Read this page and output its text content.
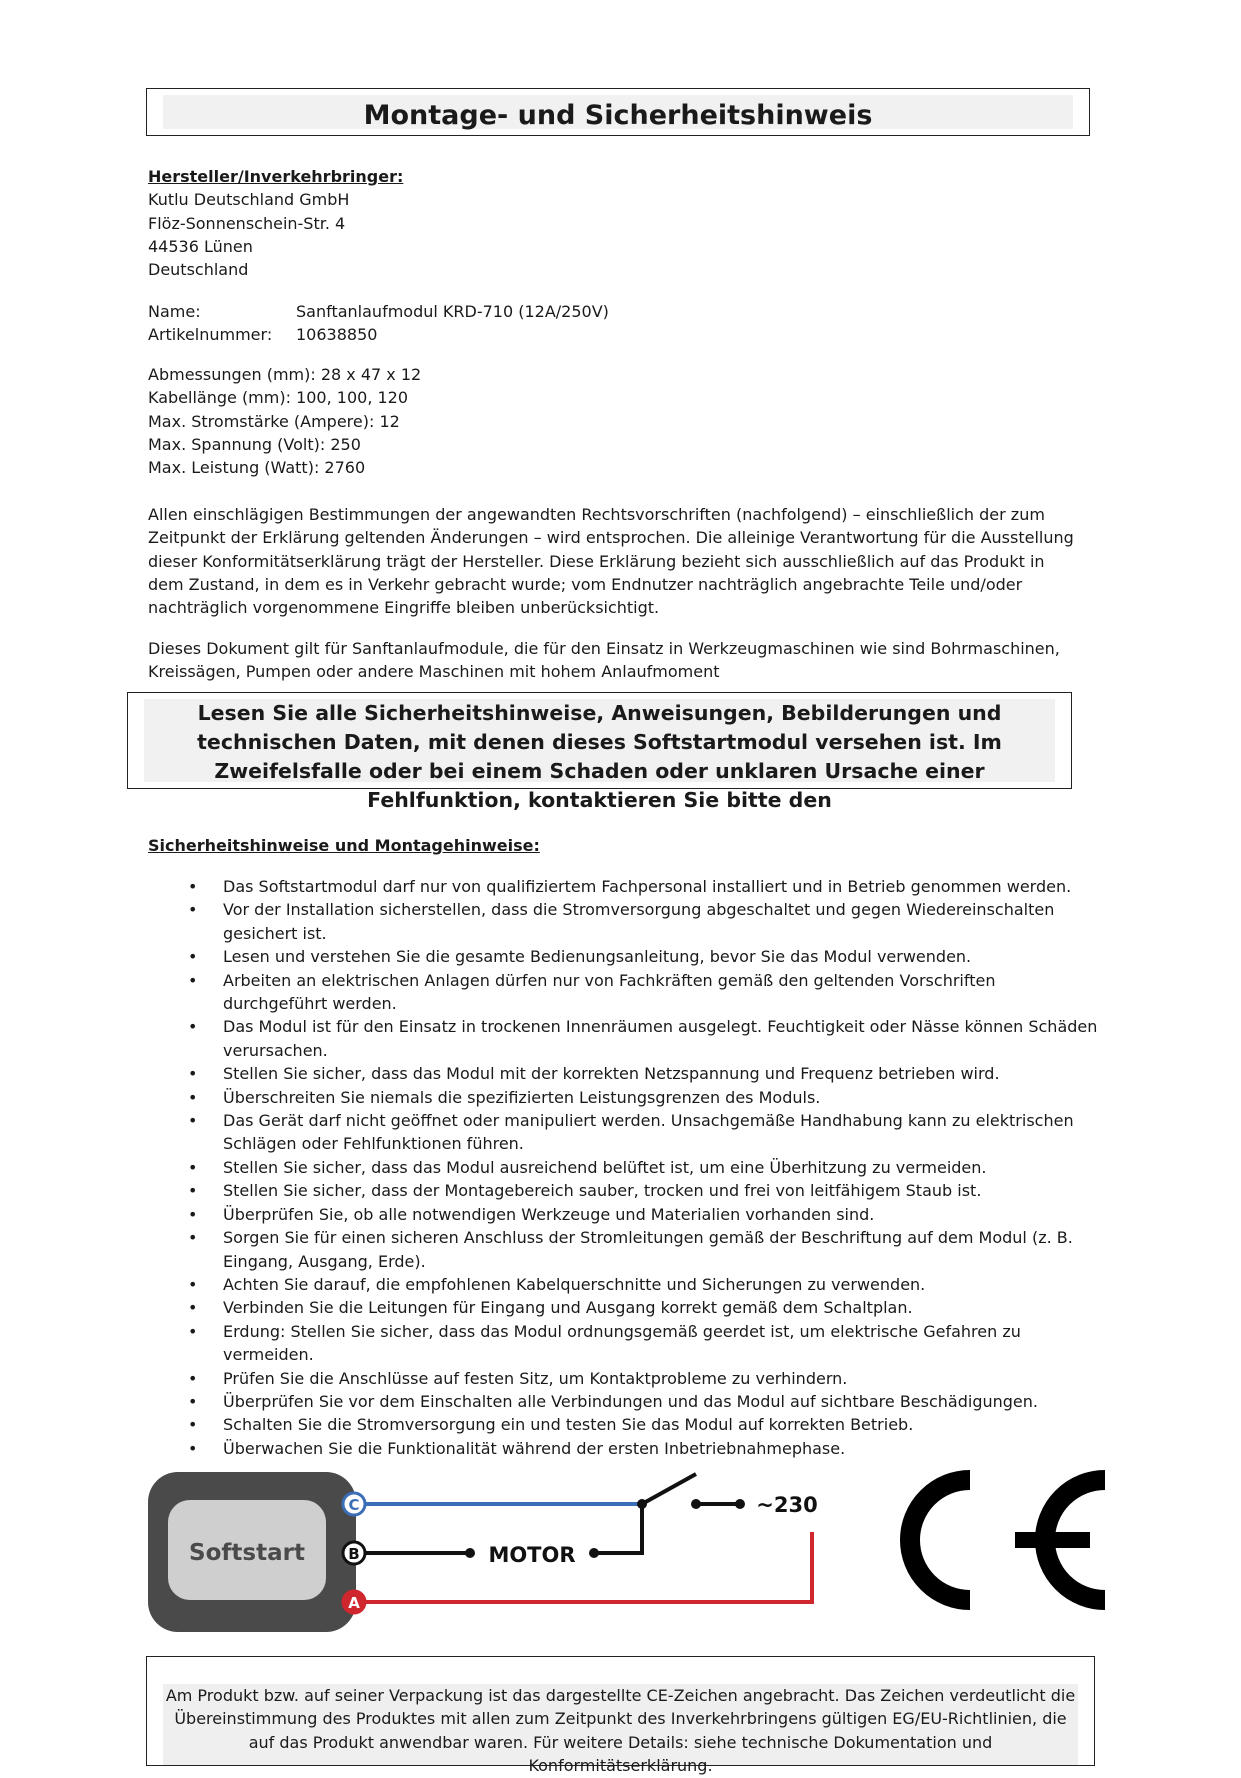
Montage- und Sicherheitshinweis
Hersteller/Inverkehrbringer:
Kutlu Deutschland GmbH
Flöz-Sonnenschein-Str. 4
44536 Lünen
Deutschland
Name:	Sanftanlaufmodul KRD-710 (12A/250V)
Artikelnummer:	10638850
Abmessungen (mm): 28 x 47 x 12
Kabellänge (mm): 100, 100, 120
Max. Stromstärke (Ampere): 12
Max. Spannung (Volt): 250
Max. Leistung (Watt): 2760
Allen einschlägigen Bestimmungen der angewandten Rechtsvorschriften (nachfolgend) – einschließlich der zum Zeitpunkt der Erklärung geltenden Änderungen – wird entsprochen. Die alleinige Verantwortung für die Ausstellung dieser Konformitätserklärung trägt der Hersteller. Diese Erklärung bezieht sich ausschließlich auf das Produkt in dem Zustand, in dem es in Verkehr gebracht wurde; vom Endnutzer nachträglich angebrachte Teile und/oder nachträglich vorgenommene Eingriffe bleiben unberücksichtigt.
Dieses Dokument gilt für Sanftanlaufmodule, die für den Einsatz in Werkzeugmaschinen wie sind Bohrmaschinen, Kreissägen, Pumpen oder andere Maschinen mit hohem Anlaufmoment
Lesen Sie alle Sicherheitshinweise, Anweisungen, Bebilderungen und technischen Daten, mit denen dieses Softstartmodul versehen ist. Im Zweifelsfalle oder bei einem Schaden oder unklaren Ursache einer Fehlfunktion, kontaktieren Sie bitte den
Sicherheitshinweise und Montagehinweise:
• Das Softstartmodul darf nur von qualifiziertem Fachpersonal installiert und in Betrieb genommen werden.
• Vor der Installation sicherstellen, dass die Stromversorgung abgeschaltet und gegen Wiedereinschalten gesichert ist.
• Lesen und verstehen Sie die gesamte Bedienungsanleitung, bevor Sie das Modul verwenden.
• Arbeiten an elektrischen Anlagen dürfen nur von Fachkräften gemäß den geltenden Vorschriften durchgeführt werden.
• Das Modul ist für den Einsatz in trockenen Innenräumen ausgelegt. Feuchtigkeit oder Nässe können Schäden verursachen.
• Stellen Sie sicher, dass das Modul mit der korrekten Netzspannung und Frequenz betrieben wird.
• Überschreiten Sie niemals die spezifizierten Leistungsgrenzen des Moduls.
• Das Gerät darf nicht geöffnet oder manipuliert werden. Unsachgemäße Handhabung kann zu elektrischen Schlägen oder Fehlfunktionen führen.
• Stellen Sie sicher, dass das Modul ausreichend belüftet ist, um eine Überhitzung zu vermeiden.
• Stellen Sie sicher, dass der Montagebereich sauber, trocken und frei von leitfähigem Staub ist.
• Überprüfen Sie, ob alle notwendigen Werkzeuge und Materialien vorhanden sind.
• Sorgen Sie für einen sicheren Anschluss der Stromleitungen gemäß der Beschriftung auf dem Modul (z. B. Eingang, Ausgang, Erde).
• Achten Sie darauf, die empfohlenen Kabelquerschnitte und Sicherungen zu verwenden.
• Verbinden Sie die Leitungen für Eingang und Ausgang korrekt gemäß dem Schaltplan.
• Erdung: Stellen Sie sicher, dass das Modul ordnungsgemäß geerdet ist, um elektrische Gefahren zu vermeiden.
• Prüfen Sie die Anschlüsse auf festen Sitz, um Kontaktprobleme zu verhindern.
• Überprüfen Sie vor dem Einschalten alle Verbindungen und das Modul auf sichtbare Beschädigungen.
• Schalten Sie die Stromversorgung ein und testen Sie das Modul auf korrekten Betrieb.
• Überwachen Sie die Funktionalität während der ersten Inbetriebnahmephase.
Softstart	MOTOR
~230
C
B
A
Am Produkt bzw. auf seiner Verpackung ist das dargestellte CE-Zeichen angebracht. Das Zeichen verdeutlicht die Übereinstimmung des Produktes mit allen zum Zeitpunkt des Inverkehrbringens gültigen EG/EU-Richtlinien, die auf das Produkt anwendbar waren. Für weitere Details: siehe technische Dokumentation und Konformitätserklärung.
